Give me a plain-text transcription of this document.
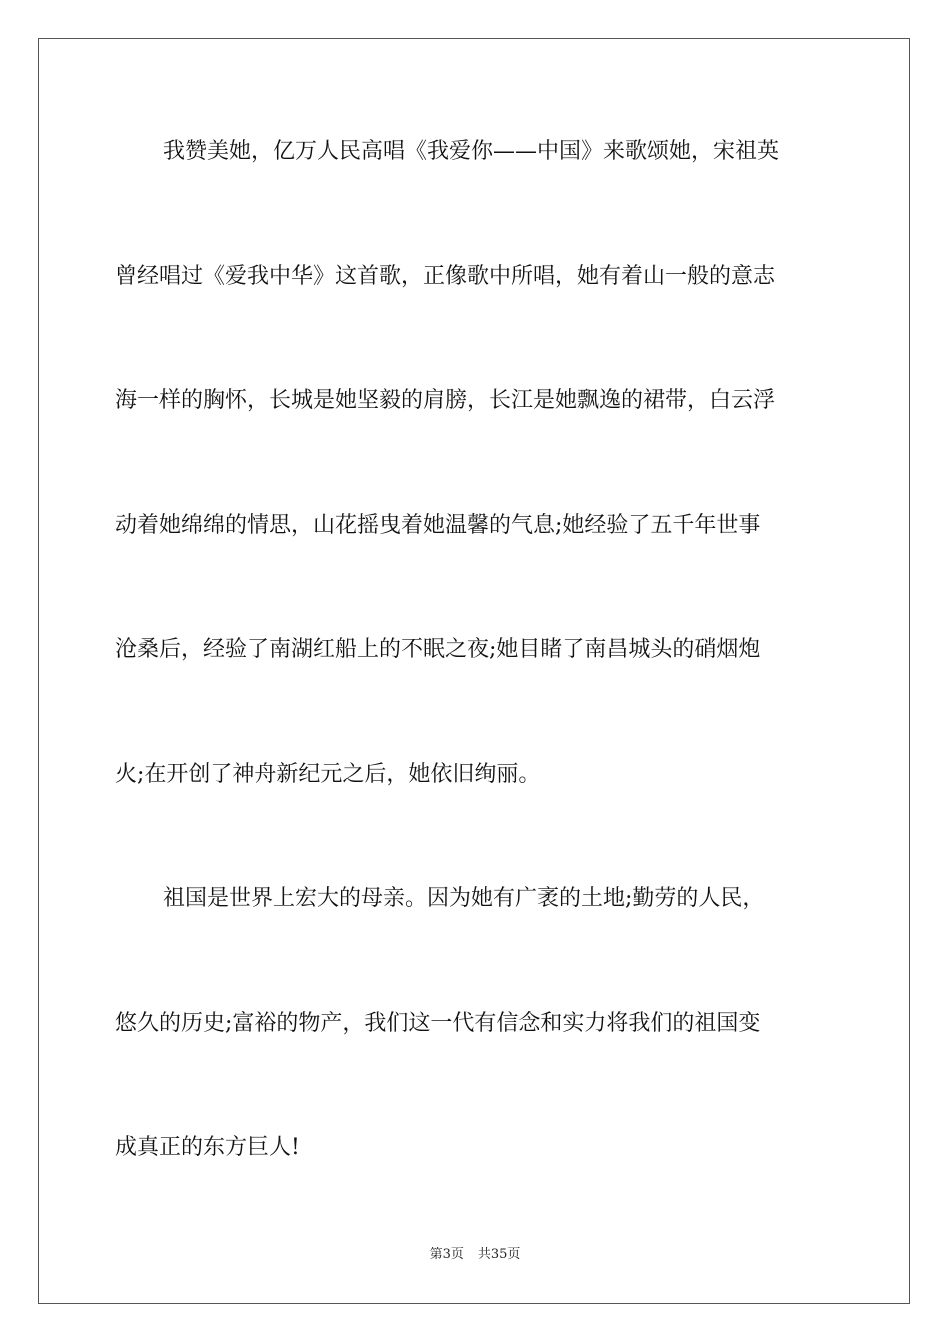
我赞美她，亿万人民高唱《我爱你——中国》来歌颂她，宋祖英
曾经唱过《爱我中华》这首歌，正像歌中所唱，她有着山一般的意志
海一样的胸怀，长城是她坚毅的肩膀，长江是她飘逸的裙带，白云浮
动着她绵绵的情思，山花摇曳着她温馨的气息;她经验了五千年世事
沧桑后，经验了南湖红船上的不眠之夜;她目睹了南昌城头的硝烟炮
火;在开创了神舟新纪元之后，她依旧绚丽。
祖国是世界上宏大的母亲。因为她有广袤的土地;勤劳的人民，
悠久的历史;富裕的物产，我们这一代有信念和实力将我们的祖国变
成真正的东方巨人!
第3页 共35页
